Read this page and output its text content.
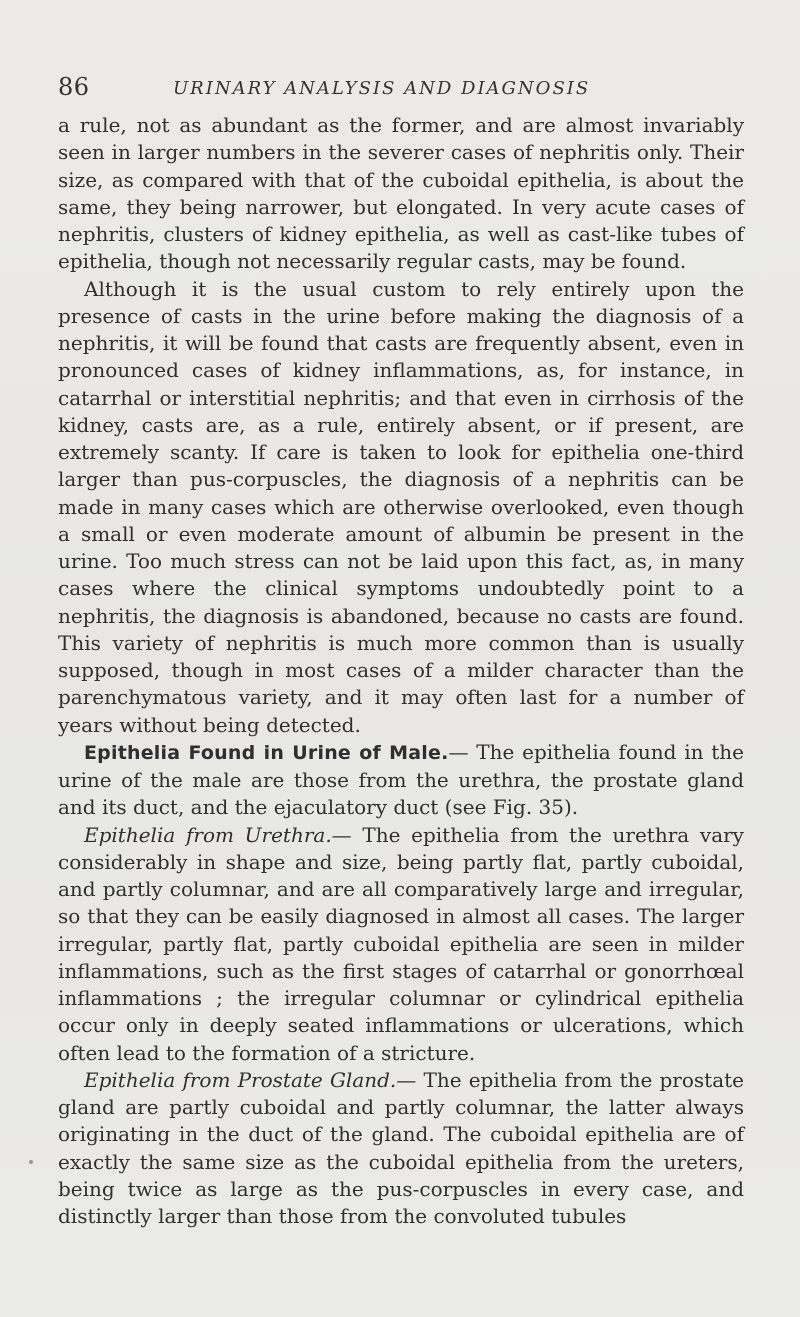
86	URINARY ANALYSIS AND DIAGNOSIS

a rule, not as abundant as the former, and are almost invariably seen in larger numbers in the severer cases of nephritis only. Their size, as compared with that of the cuboidal epithelia, is about the same, they being narrower, but elongated. In very acute cases of nephritis, clusters of kidney epithelia, as well as cast-like tubes of epithelia, though not necessarily regular casts, may be found.

Although it is the usual custom to rely entirely upon the presence of casts in the urine before making the diagnosis of a nephritis, it will be found that casts are frequently absent, even in pronounced cases of kidney inflammations, as, for instance, in catarrhal or interstitial nephritis; and that even in cirrhosis of the kidney, casts are, as a rule, entirely absent, or if present, are extremely scanty. If care is taken to look for epithelia one-third larger than pus-corpuscles, the diagnosis of a nephritis can be made in many cases which are otherwise overlooked, even though a small or even moderate amount of albumin be present in the urine. Too much stress can not be laid upon this fact, as, in many cases where the clinical symptoms undoubtedly point to a nephritis, the diagnosis is abandoned, because no casts are found. This variety of nephritis is much more common than is usually supposed, though in most cases of a milder character than the parenchymatous variety, and it may often last for a number of years without being detected.

Epithelia Found in Urine of Male.— The epithelia found in the urine of the male are those from the urethra, the prostate gland and its duct, and the ejaculatory duct (see Fig. 35).

Epithelia from Urethra.— The epithelia from the urethra vary considerably in shape and size, being partly flat, partly cuboidal, and partly columnar, and are all comparatively large and irregular, so that they can be easily diagnosed in almost all cases. The larger irregular, partly flat, partly cuboidal epithelia are seen in milder inflammations, such as the first stages of catarrhal or gonorrhœal inflammations ; the irregular columnar or cylindrical epithelia occur only in deeply seated inflammations or ulcerations, which often lead to the formation of a stricture.

Epithelia from Prostate Gland.— The epithelia from the prostate gland are partly cuboidal and partly columnar, the latter always originating in the duct of the gland. The cuboidal epithelia are of exactly the same size as the cuboidal epithelia from the ureters, being twice as large as the pus-corpuscles in every case, and distinctly larger than those from the convoluted tubules
